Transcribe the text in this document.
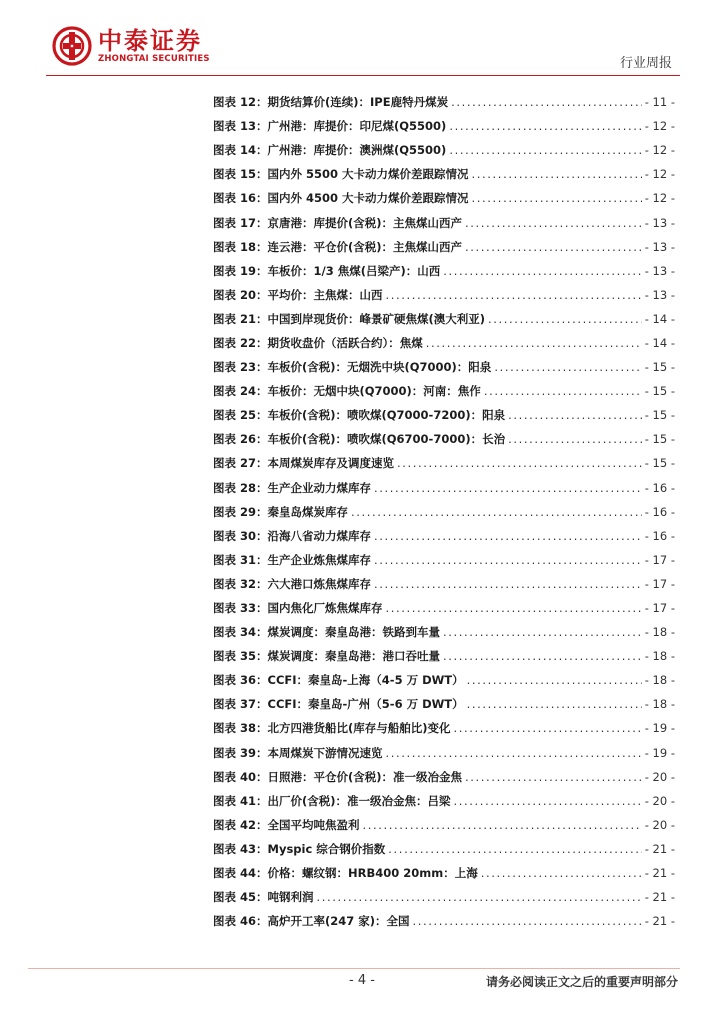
中泰证券
ZHONGTAI SECURITIES	行业周报
图表 12：期货结算价(连续)：IPE鹿特丹煤炭 .....	- 11 -
图表 13：广州港：库提价：印尼煤(Q5500) .....	- 12 -
图表 14：广州港：库提价：澳洲煤(Q5500) .....	- 12 -
图表 15：国内外 5500 大卡动力煤价差跟踪情况 .....	- 12 -
图表 16：国内外 4500 大卡动力煤价差跟踪情况 .....	- 12 -
图表 17：京唐港：库提价(含税)：主焦煤山西产 .....	- 13 -
图表 18：连云港：平仓价(含税)：主焦煤山西产 .....	- 13 -
图表 19：车板价：1/3 焦煤(吕梁产)：山西 .....	- 13 -
图表 20：平均价：主焦煤：山西 .....	- 13 -
图表 21：中国到岸现货价：峰景矿硬焦煤(澳大利亚) .....	- 14 -
图表 22：期货收盘价（活跃合约）：焦煤 .....	- 14 -
图表 23：车板价(含税)：无烟洗中块(Q7000)：阳泉 .....	- 15 -
图表 24：车板价：无烟中块(Q7000)：河南：焦作 .....	- 15 -
图表 25：车板价(含税)：喷吹煤(Q7000-7200)：阳泉 .....	- 15 -
图表 26：车板价(含税)：喷吹煤(Q6700-7000)：长治 .....	- 15 -
图表 27：本周煤炭库存及调度速览 .....	- 15 -
图表 28：生产企业动力煤库存 .....	- 16 -
图表 29：秦皇岛煤炭库存 .....	- 16 -
图表 30：沿海八省动力煤库存 .....	- 16 -
图表 31：生产企业炼焦煤库存 .....	- 17 -
图表 32：六大港口炼焦煤库存 .....	- 17 -
图表 33：国内焦化厂炼焦煤库存 .....	- 17 -
图表 34：煤炭调度：秦皇岛港：铁路到车量 .....	- 18 -
图表 35：煤炭调度：秦皇岛港：港口吞吐量 .....	- 18 -
图表 36：CCFI：秦皇岛-上海（4-5 万 DWT） .....	- 18 -
图表 37：CCFI：秦皇岛-广州（5-6 万 DWT） .....	- 18 -
图表 38：北方四港货船比(库存与船舶比)变化 .....	- 19 -
图表 39：本周煤炭下游情况速览 .....	- 19 -
图表 40：日照港：平仓价(含税)：准一级冶金焦 .....	- 20 -
图表 41：出厂价(含税)：准一级冶金焦：吕梁 .....	- 20 -
图表 42：全国平均吨焦盈利 .....	- 20 -
图表 43：Myspic 综合钢价指数 .....	- 21 -
图表 44：价格：螺纹钢：HRB400 20mm：上海 .....	- 21 -
图表 45：吨钢利润 .....	- 21 -
图表 46：高炉开工率(247 家)：全国 .....	- 21 -
- 4 -	请务必阅读正文之后的重要声明部分
